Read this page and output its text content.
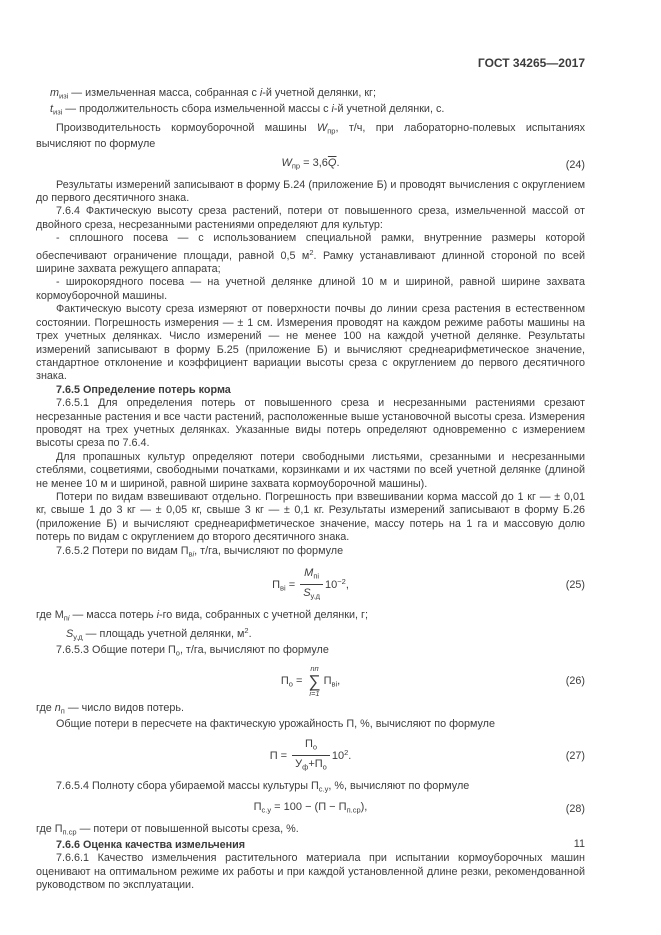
ГОСТ 34265—2017

$m_{изi}$ — измельченная масса, собранная с i-й учетной делянки, кг;

$t_{изi}$ — продолжительность сбора измельченной массы с i-й учетной делянки, с.

Производительность кормоуборочной машины $W_{пр}$, т/ч, при лабораторно-полевых испытаниях вычисляют по формуле

$W_{пр} = 3,6\overline{Q}$.	(24)

Результаты измерений записывают в форму Б.24 (приложение Б) и проводят вычисления с округлением до первого десятичного знака.

7.6.4 Фактическую высоту среза растений, потери от повышенного среза, измельченной массой от двойного среза, несрезанными растениями определяют для культур:

- сплошного посева — с использованием специальной рамки, внутренние размеры которой обеспечивают ограничение площади, равной 0,5 $м^2$. Рамку устанавливают длинной стороной по всей ширине захвата режущего аппарата;

- широкорядного посева — на учетной делянке длиной 10 м и шириной, равной ширине захвата кормоуборочной машины.

Фактическую высоту среза измеряют от поверхности почвы до линии среза растения в естественном состоянии. Погрешность измерения — ± 1 см. Измерения проводят на каждом режиме работы машины на трех учетных делянках. Число измерений — не менее 100 на каждой учетной делянке. Результаты измерений записывают в форму Б.25 (приложение Б) и вычисляют среднеарифметическое значение, стандартное отклонение и коэффициент вариации высоты среза с округлением до первого десятичного знака.

7.6.5 Определение потерь корма

7.6.5.1 Для определения потерь от повышенного среза и несрезанными растениями срезают несрезанные растения и все части растений, расположенные выше установочной высоты среза. Измерения проводят на трех учетных делянках. Указанные виды потерь определяют одновременно с измерением высоты среза по 7.6.4.

Для пропашных культур определяют потери свободными листьями, срезанными и несрезанными стеблями, соцветиями, свободными початками, корзинками и их частями по всей учетной делянке (длиной не менее 10 м и шириной, равной ширине захвата кормоуборочной машины).

Потери по видам взвешивают отдельно. Погрешность при взвешивании корма массой до 1 кг — ± 0,01 кг, свыше 1 до 3 кг — ± 0,05 кг, свыше 3 кг — ± 0,1 кг. Результаты измерений записывают в форму Б.26 (приложение Б) и вычисляют среднеарифметическое значение, массу потерь на 1 га и массовую долю потерь по видам с округлением до второго десятичного знака.

7.6.5.2 Потери по видам $П_{вi}$, т/га, вычисляют по формуле

$П_{вi} = \frac{M_{пi}}{S_{у.д}} 10^{-2}$,	(25)

где $М_{пi}$ — масса потерь i-го вида, собранных с учетной делянки, г;

$S_{у.д}$ — площадь учетной делянки, $м^2$.

7.6.5.3 Общие потери $П_о$, т/га, вычисляют по формуле

$П_о$ =
nп
∑
i=1
$П_{вi}$,	(26)

где $n_п$ — число видов потерь.

Общие потери в пересчете на фактическую урожайность П, %, вычисляют по формуле

$П = \frac{П_о}{У_ф+П_о} 10^2$.	(27)

7.6.5.4 Полноту сбора убираемой массы культуры $П_{с.у}$, %, вычисляют по формуле

$П_{с.у} = 100 - (П - П_{п.ср})$,	(28)

где $П_{п.ср}$ — потери от повышенной высоты среза, %.

7.6.6 Оценка качества измельчения

7.6.6.1 Качество измельчения растительного материала при испытании кормоуборочных машин оценивают на оптимальном режиме их работы и при каждой установленной длине резки, рекомендованной руководством по эксплуатации.

11
